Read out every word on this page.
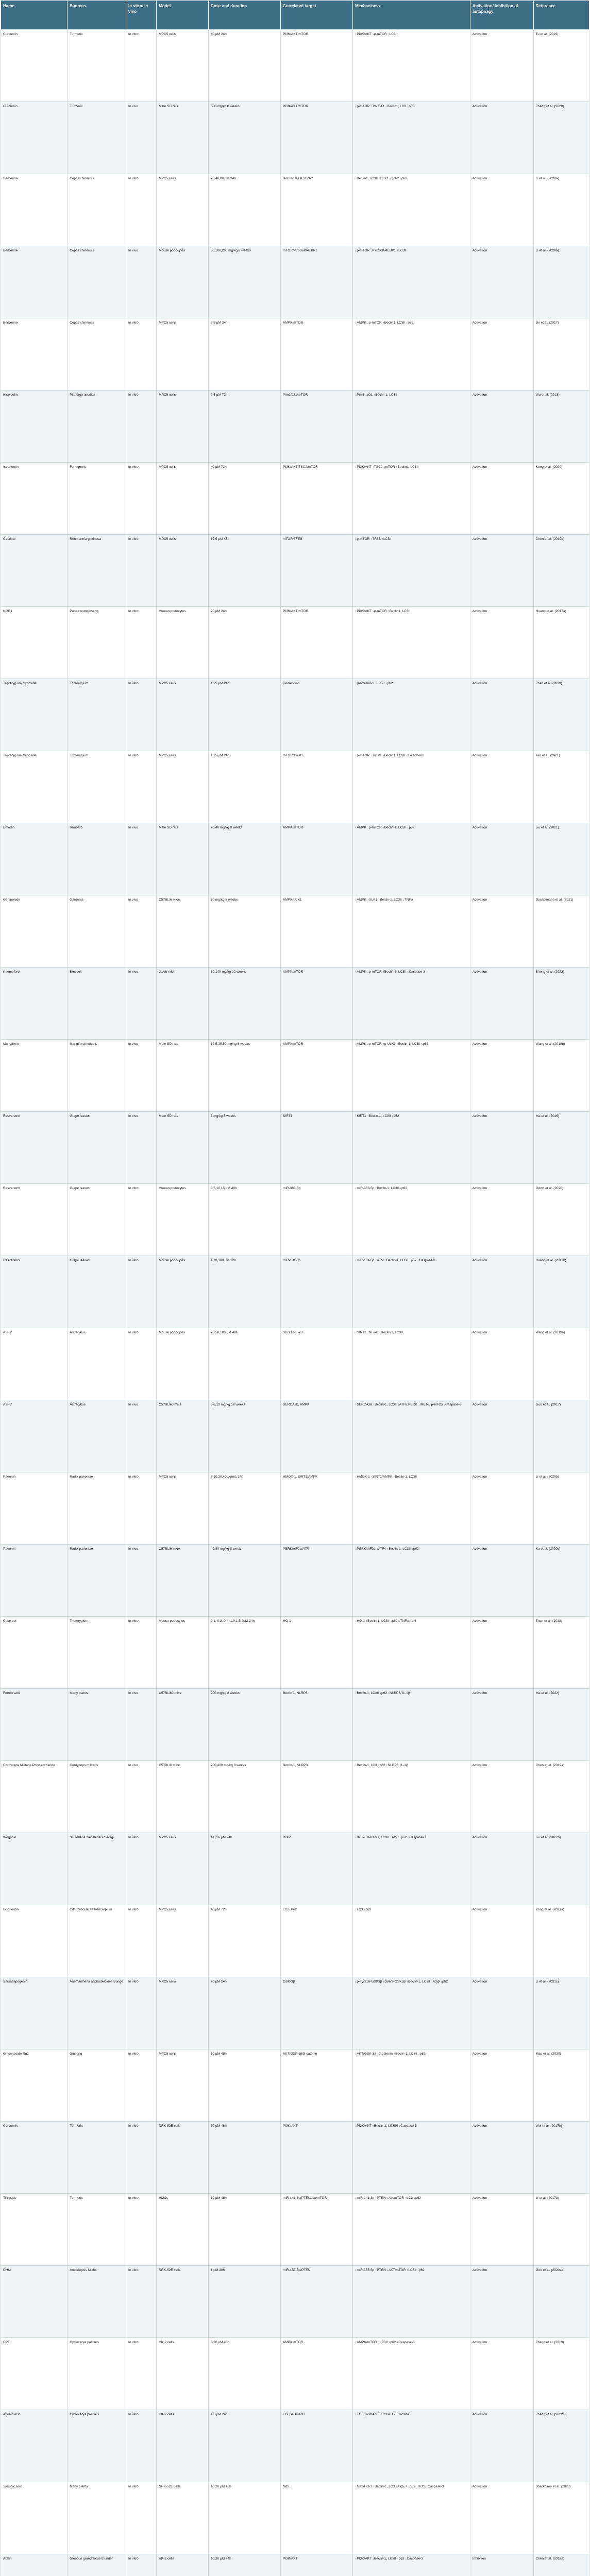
Name	Sources	In vitro/ In vivo	Model	Dose and duration	Correlated target	Mechanisms	Activation/ Inhibition of autophagy	Reference
Curcumin	Turmeric	In vitro	MPC5 cells	40 μM 24h	PI3K/AKT/mTOR	↓PI3K/AKT ↓p-mTOR ↑LC3II	Activation	Tu et al. (2019)
Curcumin	Turmeric	In vivo	Male SD rats	300 mg/kg 8 weeks	PI3K/AKT/mTOR	↓p-mTOR ↑TWIST1 ↑Beclin1, LC3 ↓p62	Activation	Zhang et al. (2020)
Berberine	Coptis chinensis	In vitro	MPC5 cells	20,40,80 μM 24h	Beclin-1/ULK1/Bcl-2	↑Beclin1, LC3II ↑ULK1 ↓Bcl-2 ↓p62	Activation	Li et al. (2020a)
Berberine	Coptis chinensis	In vivo	Mouse podocytes	50,100,200 mg/kg 8 weeks	mTOR/P70S6K/4EBP1	↓p-mTOR ↓P70S6K/4EBP1 ↑LC3II	Activation	Li et al. (2020a)
Berberine	Coptis chinensis	In vitro	MPC5 cells	2.5 μM 24h	AMPK/mTOR	↑AMPK ↓p-mTOR ↑Beclin1, LC3II ↓p62	Activation	Jin et al. (2017)
Hispidulin	Plantago asiatica	In vitro	MPC5 cells	2.5 μM 72h	Pim1/p21/mTOR	↓Pim1 ↓p21 ↑Beclin-1, LC3II	Activation	Wu et al. (2018)
Isoorientin	Fenugreek	In vitro	MPC5 cells	40 μM 72h	PI3K/AKT/TSC2/mTOR	↓PI3K/AKT ↑TSC2 ↓mTOR ↑Beclin1, LC3II	Activation	Kong et al. (2020)
Catalpol	Rehmannia glutinosa	In vitro	MPC5 cells	12.5 μM 48h	mTOR/TFEB	↓p-mTOR ↑TFEB ↑LC3II	Activation	Chen et al. (2019b)
NGR1	Panax notoginseng	In vitro	Human podocytes	20 μM 24h	PI3K/AKT/mTOR	↓PI3K/AKT ↓p-mTOR ↑Beclin1, LC3II	Activation	Huang et al. (2017a)
Tripterygium glycoside	Tripterygium	In vitro	MPC5 cells	1.25 μM 24h	β-arrestin-1	↓β-arrestin-1 ↑LC3II ↓p62	Activation	Zhan et al. (2019)
Tripterygium glycoside	Tripterygium	In vitro	MPC5 cells	1.25 μM 24h	mTOR/Twist1	↓p-mTOR ↓Twist1 ↑Beclin1, LC3II ↓E-cadherin	Activation	Tao et al. (2021)
Emodin	Rhubarb	In vivo	Male SD rats	20,40 mg/kg 8 weeks	AMPK/mTOR	↑AMPK ↓p-mTOR ↑Beclin-1, LC3II ↓p62	Activation	Liu et al. (2021)
Geniposide	Gardenia	In vivo	C57BL/6 mice	50 mg/kg 8 weeks	AMPK/ULK1	↑AMPK ↑ULK1 ↑Beclin-1, LC3II ↓TNFα	Activation	Dusabimana et al. (2021)
Kaempferol	Broccoli	In vivo	db/db mice	50,100 mg/kg 12 weeks	AMPK/mTOR	↑AMPK ↓p-mTOR ↑Beclin-1, LC3II ↓Caspase-3	Activation	Sheng et al. (2022)
Mangiferin	Mangifera indica L	In vivo	Male SD rats	12.5,25,50 mg/kg 8 weeks	AMPK/mTOR	↑AMPK ↓p-mTOR ↑p-ULK1 ↑Beclin-1, LC3II ↓p62	Activation	Wang et al. (2018b)
Resveratrol	Grape leaves	In vivo	Male SD rats	5 mg/kg 8 weeks	SIRT1	↑SIRT1 ↑Beclin-1, LC3II ↓p62	Activation	Ma et al. (2016)
Resveratrol	Grape leaves	In vitro	Human podocytes	0.5,10,15 μM 48h	miR-383-5p	↓miR-383-5p ↑Beclin-1, LC3II ↓p62	Activation	Gowd et al. (2020)
Resveratrol	Grape leaves	In vitro	Mouse podocytes	1,10,100 μM 12h	miR-18a-5p	↓miR-18a-5p ↑ATM ↑Beclin-1, LC3II ↓p62 ↓Caspase-3	Activation	Huang et al. (2017b)
AS-IV	Astragalus	In vitro	Mouse podocytes	20,50,100 μM 48h	SIRT1/NF-κB	↑SIRT1 ↓NF-κB ↑Beclin-1, LC3II	Activation	Wang et al. (2019a)
AS-IV	Astragalus	In vivo	C57BL/6J mice	5,6,12 mg/kg 12 weeks	SERCA2b, AMPK	↑SERCA2b ↑Beclin-1, LC3II ↓ATF6,PERK ↓IRE1α, p-eIF2α ↓Caspase-3	Activation	Guo et al. (2017)
Paeonin	Radix paeoniae	In vitro	MPC5 cells	5,10,20,40 μg/mL 24h	HMOX-1, SIRT1/AMPK	↑HMOX-1 ↑SIRT1/AMPK ↑Beclin-1, LC3II	Activation	Li et al. (2020b)
Paeonin	Radix paeoniae	In vivo	C57BL/6 mice	40,80 mg/kg 8 weeks	PERK/eIF2α/ATF4	↓PERK/eIF2α ↓ATF4 ↑Beclin-1, LC3II ↓p62	Activation	Xu et al. (2020b)
Celastrol	Tripterygium	In vitro	Mouse podocytes	0.1, 0.2, 0.4, 1.0,1.5,2μM 24h	HO-1	↑HO-1 ↑Beclin-1, LC3II ↓p62 ↓TNFα, IL-6	Activation	Zhan et al. (2018)
Ferulic acid	Many plants	In vivo	C57BL/6J mice	200 mg/kg 8 weeks	Beclin 1, NLRP3	↑Beclin-1, LC3II ↓p62 ↓NLRP3, IL-1β	Activation	Ma et al. (2022)
Cordyceps Militaris Polysaccharide	Cordyceps militaris	In vivo	C57BL/6 mice	200,400 mg/kg 8 weeks	Beclin-1, NLRP3	↑Beclin-1, LC3 ↓p62 ↓NLRP3, IL-1β	Activation	Chen et al. (2019a)
Wogonin	Scutellaria baicalensis Georgi	In vitro	MPC5 cells	4,8,16 μM 24h	Bcl-2	↑Bcl-2 ↑Beclin-1, LC3II ↑Atg5 ↓p62 ↓Caspase-3	Activation	Liu et al. (2022b)
Isoorientin	Citri Reticulatae Pericarpium	In vitro	MPC5 cells	40 μM 72h	LC3, P62	↑LC3 ↓p62	Activation	Kong et al. (2021a)
Sarsasapogenin	Anemarrhena asphodeloides Bunge	In vitro	MPC5 cells	20 μM 24h	GSK-3β	↓p-Tyr216-GSK3β ↑pSer9-GSK3β ↑Beclin-1, LC3II ↑Atg5 ↓p62	Activation	Li et al. (2021c)
Ginsenoside Rg1	Ginseng	In vitro	MPC5 cells	10 μM 48h	AKT/GSK-3β/β-catenin	↑AKT/GSK-3β ↓β-catenin ↑Beclin-1, LC3II ↓p62	Activation	Mao et al. (2020)
Curcumin	Turmeric	In vitro	NRK-52E cells	10 μM 48h	PI3K/AKT	↓PI3K/AKT ↑Beclin-1, LC3II/I ↓Caspase-3	Activation	Wei et al. (2017b)
Tiliroside	Turmeric	In vitro	HMCs	10 μM 48h	miR-141-3p/PTEN/Akt/mTOR	↓miR-141-3p ↑PTEN ↓Akt/mTOR ↑LC3 ↓p62	Activation	Li et al. (2017b)
DHM	Ampelopsis Michx	In vitro	NRK-52E cells	1 μM 48h	miR-155-5p/PTEN	↓miR-155-5p ↑PTEN ↓AKT/mTOR ↑LC3II ↓p62	Activation	Guo et al. (2020a)
CPT	Cyclocarya paliurus	In vitro	HK-2 cells	5,20 μM 48h	AMPK/mTOR	↑AMPK/mTOR ↑LC3II ↓p62 ↓Caspase-3	Activation	Zhang et al. (2019)
Arjunic acid	Cyclocarya paliurus	In vitro	HK-2 cells	1.5 μM 24h	TGFβ1/smad3	↓TGFβ1/smad3 ↑LC3/ATG5 ↓α-SMA	Activation	Zhang et al. (2022c)
Syringic acid	Many plants	In vitro	NRK-52E cells	10,20 μM 48h	Nrf2	↑Nrf2/HO-1 ↑Beclin-1, LC3 ↑Atg5,7 ↓p62 ↓ROS ↓Caspase-3	Activation	Sherkhane et al. (2023)
Aralin	Globous grandiflorus thunder	In vitro	HK-2 cells	10,20 μM 24h	PI3K/AKT	↑PI3K/AKT ↓Beclin-1, LC3II ↑p62 ↓Caspase-3	Inhibition	Chen et al. (2018a)
